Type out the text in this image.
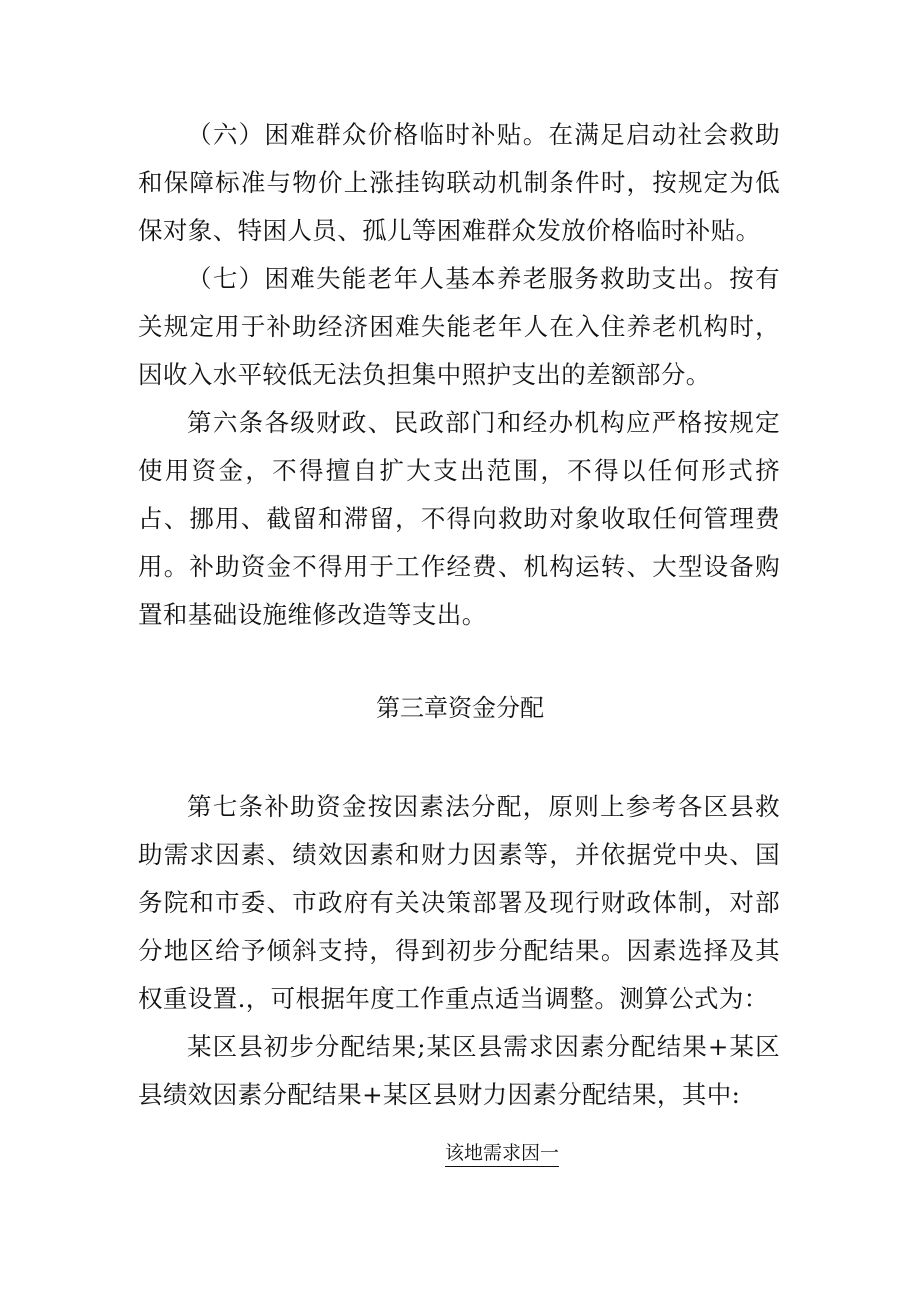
（六）困难群众价格临时补贴。在满足启动社会救助和保障标准与物价上涨挂钩联动机制条件时，按规定为低保对象、特困人员、孤儿等困难群众发放价格临时补贴。

（七）困难失能老年人基本养老服务救助支出。按有关规定用于补助经济困难失能老年人在入住养老机构时，因收入水平较低无法负担集中照护支出的差额部分。

第六条各级财政、民政部门和经办机构应严格按规定使用资金，不得擅自扩大支出范围，不得以任何形式挤占、挪用、截留和滞留，不得向救助对象收取任何管理费用。补助资金不得用于工作经费、机构运转、大型设备购置和基础设施维修改造等支出。

第三章资金分配

第七条补助资金按因素法分配，原则上参考各区县救助需求因素、绩效因素和财力因素等，并依据党中央、国务院和市委、市政府有关决策部署及现行财政体制，对部分地区给予倾斜支持，得到初步分配结果。因素选择及其权重设置.，可根据年度工作重点适当调整。测算公式为：

某区县初步分配结果;某区县需求因素分配结果+某区县绩效因素分配结果+某区县财力因素分配结果，其中:

该地需求因一
